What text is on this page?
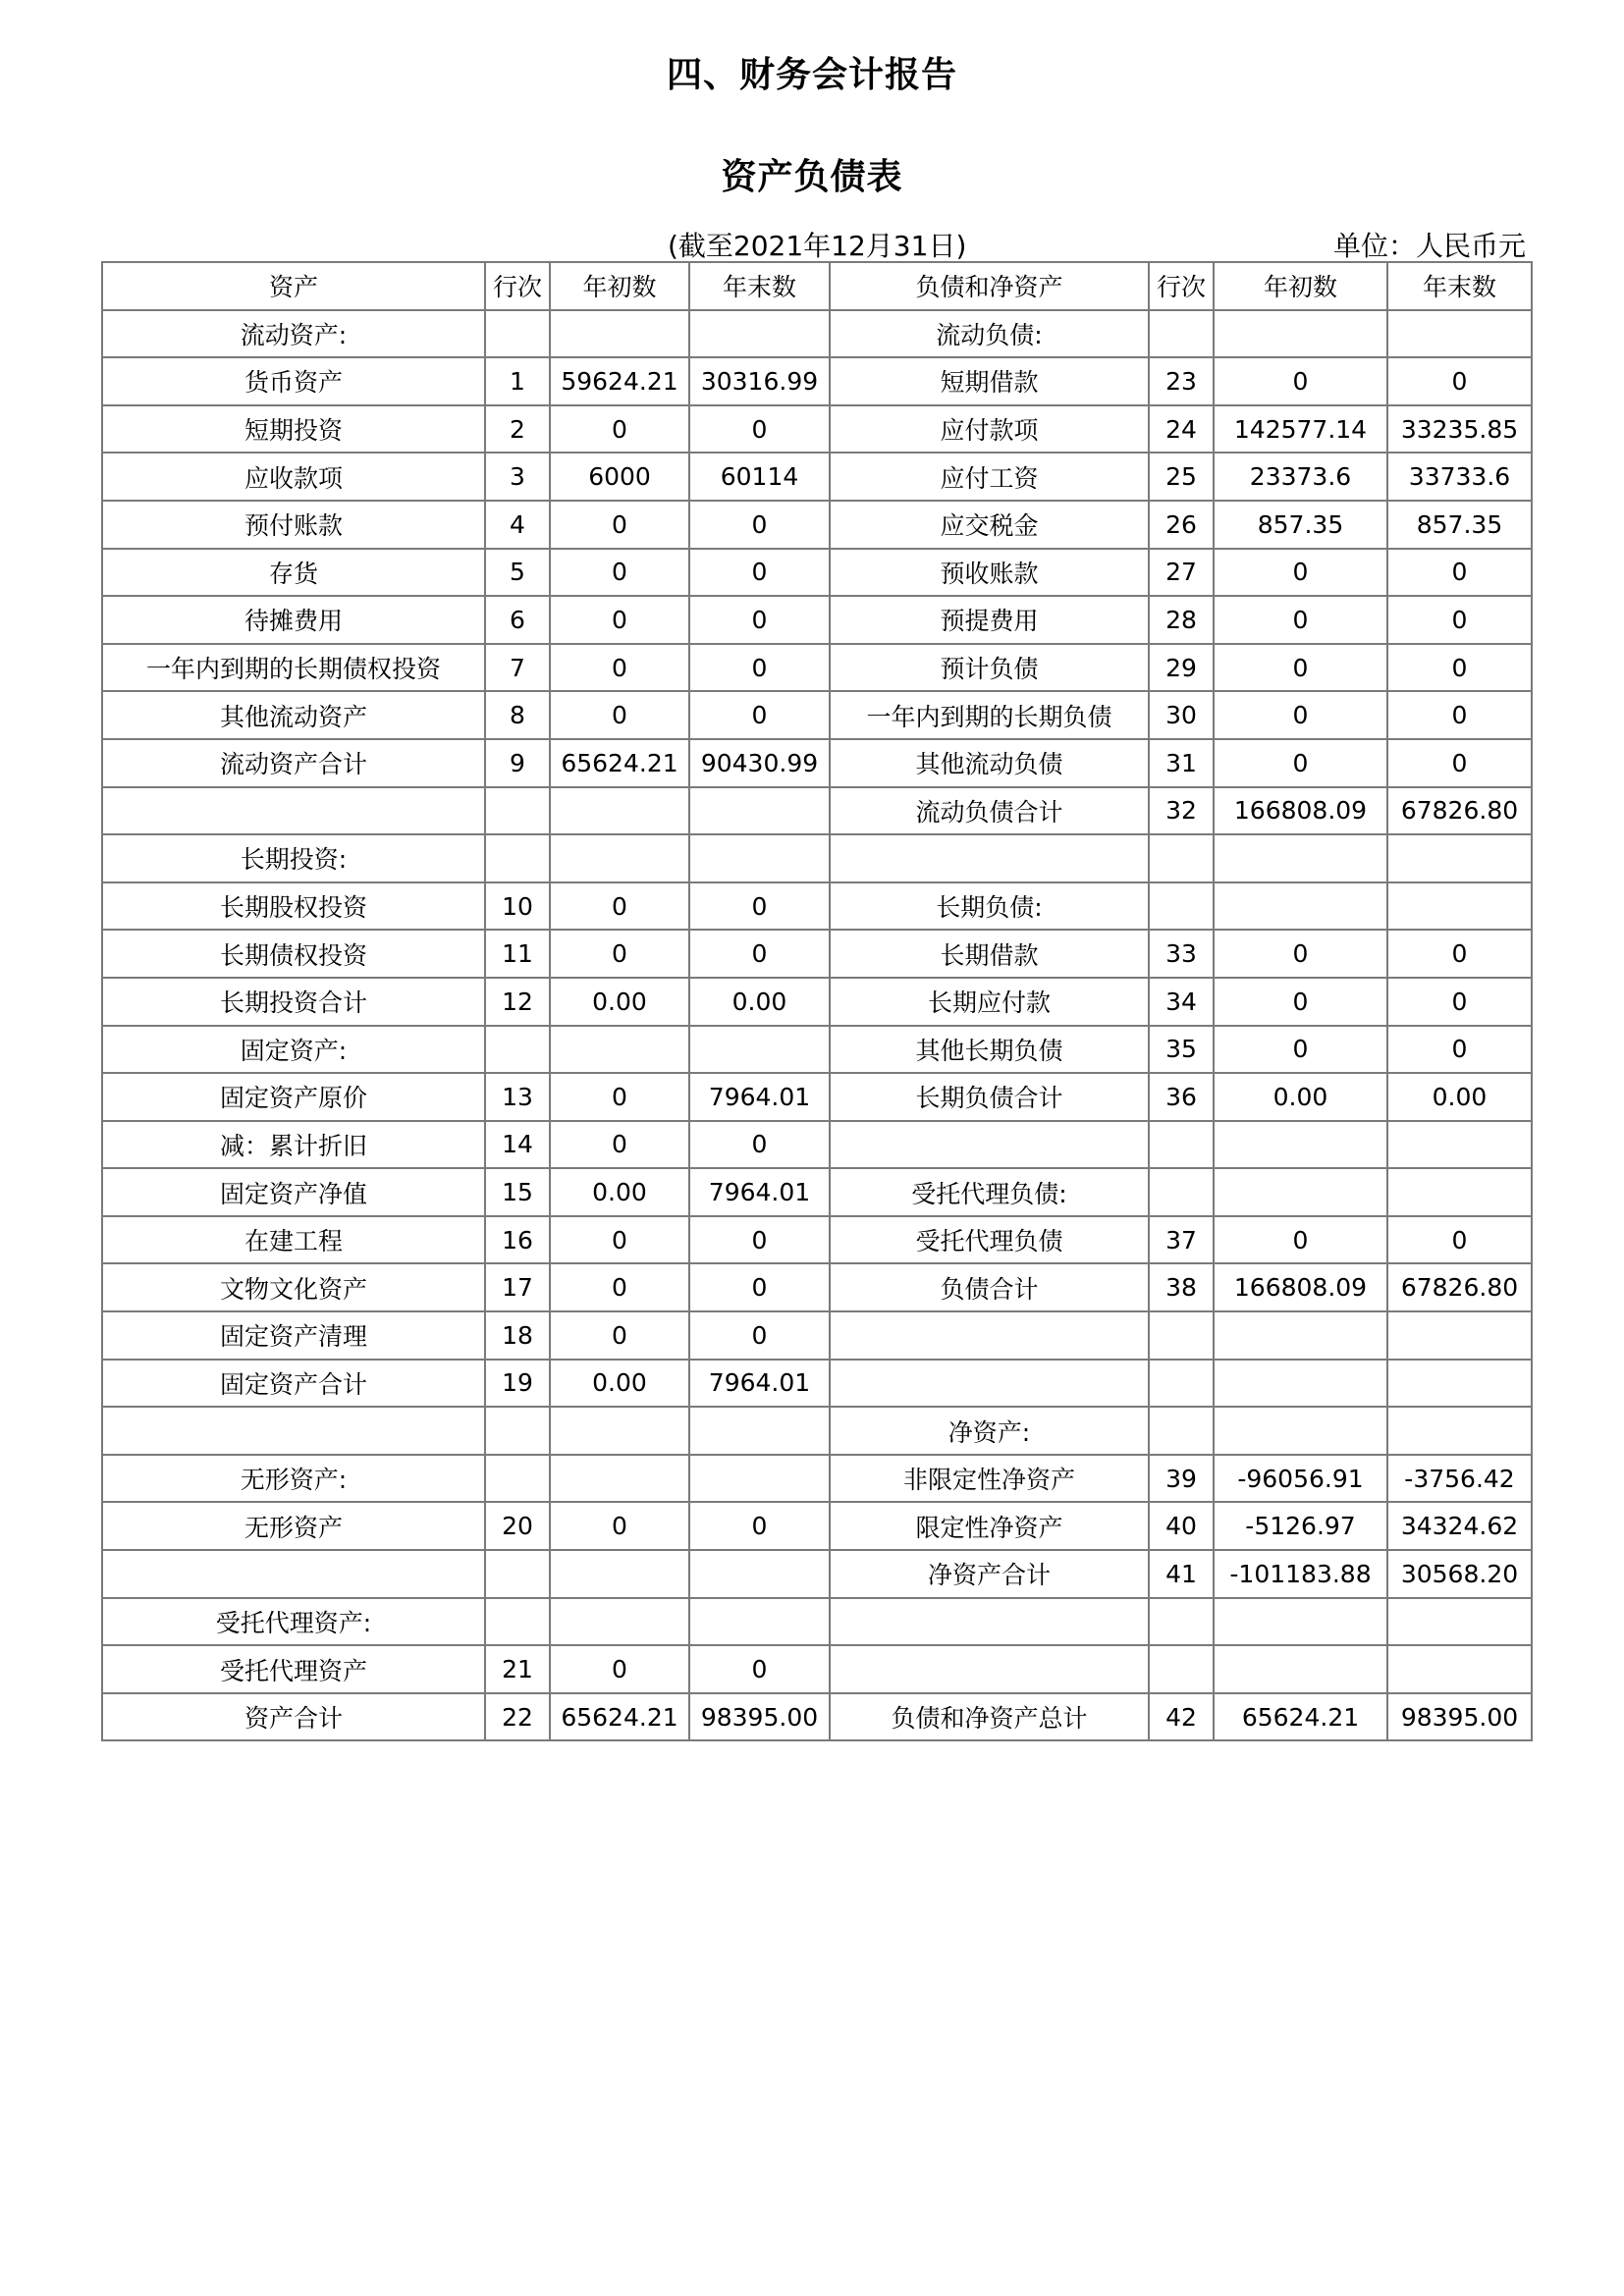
四、财务会计报告
资产负债表
(截至2021年12月31日)	单位：人民币元
资产	行次	年初数	年末数	负债和净资产	行次	年初数	年末数
流动资产:				流动负债:			
货币资产	1	59624.21	30316.99	短期借款	23	0	0
短期投资	2	0	0	应付款项	24	142577.14	33235.85
应收款项	3	6000	60114	应付工资	25	23373.6	33733.6
预付账款	4	0	0	应交税金	26	857.35	857.35
存货	5	0	0	预收账款	27	0	0
待摊费用	6	0	0	预提费用	28	0	0
一年内到期的长期债权投资	7	0	0	预计负债	29	0	0
其他流动资产	8	0	0	一年内到期的长期负债	30	0	0
流动资产合计	9	65624.21	90430.99	其他流动负债	31	0	0
				流动负债合计	32	166808.09	67826.80
长期投资:							
长期股权投资	10	0	0	长期负债:			
长期债权投资	11	0	0	长期借款	33	0	0
长期投资合计	12	0.00	0.00	长期应付款	34	0	0
固定资产:				其他长期负债	35	0	0
固定资产原价	13	0	7964.01	长期负债合计	36	0.00	0.00
减：累计折旧	14	0	0				
固定资产净值	15	0.00	7964.01	受托代理负债:			
在建工程	16	0	0	受托代理负债	37	0	0
文物文化资产	17	0	0	负债合计	38	166808.09	67826.80
固定资产清理	18	0	0				
固定资产合计	19	0.00	7964.01				
				净资产:			
无形资产:				非限定性净资产	39	-96056.91	-3756.42
无形资产	20	0	0	限定性净资产	40	-5126.97	34324.62
				净资产合计	41	-101183.88	30568.20
受托代理资产:							
受托代理资产	21	0	0				
资产合计	22	65624.21	98395.00	负债和净资产总计	42	65624.21	98395.00
